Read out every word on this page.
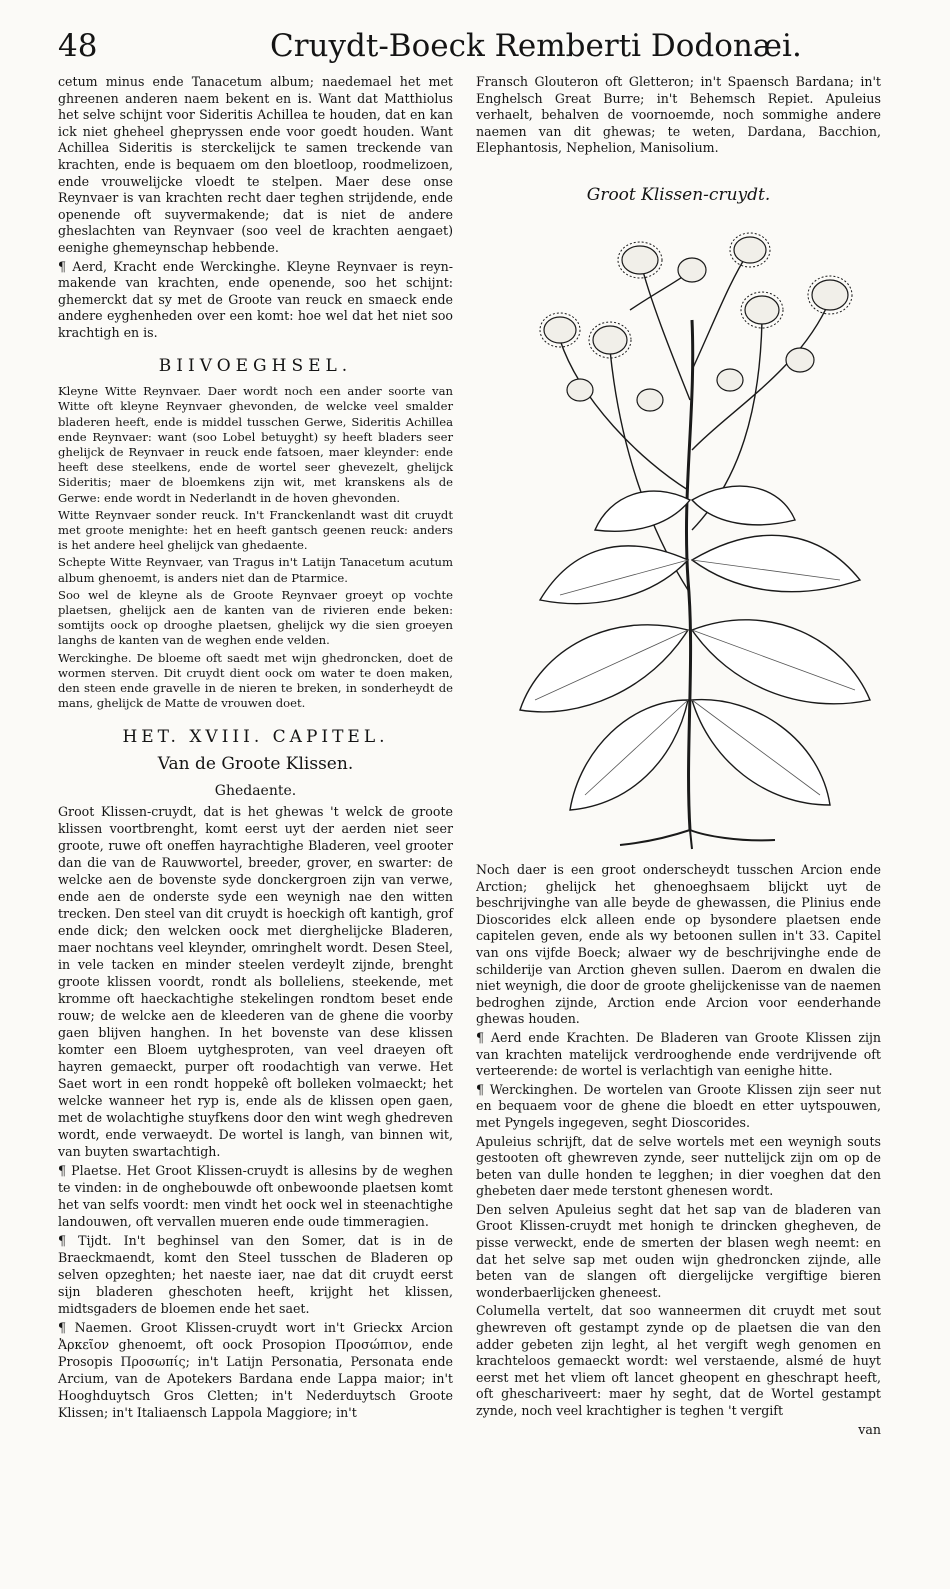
48	Cruydt-Boeck Remberti Dodonæi.

cetum minus ende Tanacetum album; naedemael het met ghreenen anderen naem bekent en is. Want dat Matthiolus het selve schijnt voor Sideritis Achillea te houden, dat en kan ick niet gheheel ghepryssen ende voor goedt houden. Want Achillea Sideritis is sterckelijck te samen treckende van krachten, ende is bequaem om den bloetloop, roodmelizoen, ende vrouwelijcke vloedt te stelpen. Maer dese onse Reynvaer is van krachten recht daer teghen strijdende, ende openende oft suyvermakende; dat is niet de andere gheslachten van Reynvaer (soo veel de krachten aengaet) eenighe ghemeynschap hebbende.

¶ Aerd, Kracht ende Werckinghe. Kleyne Reynvaer is reyn-makende van krachten, ende openende, soo het schijnt: ghemerckt dat sy met de Groote van reuck en smaeck ende andere eyghenheden over een komt: hoe wel dat het niet soo krachtigh en is.

BIIVOEGHSEL.

Kleyne Witte Reynvaer. Daer wordt noch een ander soorte van Witte oft kleyne Reynvaer ghevonden, de welcke veel smalder bladeren heeft, ende is middel tusschen Gerwe, Sideritis Achillea ende Reynvaer: want (soo Lobel betuyght) sy heeft bladers seer ghelijck de Reynvaer in reuck ende fatsoen, maer kleynder: ende heeft dese steelkens, ende de wortel seer ghevezelt, ghelijck Sideritis; maer de bloemkens zijn wit, met kranskens als de Gerwe: ende wordt in Nederlandt in de hoven ghevonden.

Witte Reynvaer sonder reuck. In't Franckenlandt wast dit cruydt met groote menighte: het en heeft gantsch geenen reuck: anders is het andere heel ghelijck van ghedaente.

Schepte Witte Reynvaer, van Tragus in't Latijn Tanacetum acutum album ghenoemt, is anders niet dan de Ptarmice.

Soo wel de kleyne als de Groote Reynvaer groeyt op vochte plaetsen, ghelijck aen de kanten van de rivieren ende beken: somtijts oock op drooghe plaetsen, ghelijck wy die sien groeyen langhs de kanten van de weghen ende velden.

Werckinghe. De bloeme oft saedt met wijn ghedroncken, doet de wormen sterven. Dit cruydt dient oock om water te doen maken, den steen ende gravelle in de nieren te breken, in sonderheydt de mans, ghelijck de Matte de vrouwen doet.

HET. XVIII. CAPITEL.
Van de Groote Klissen.
Ghedaente.

Groot Klissen-cruydt, dat is het ghewas 't welck de groote klissen voortbrenght, komt eerst uyt der aerden niet seer groote, ruwe oft oneffen hayrachtighe Bladeren, veel grooter dan die van de Rauwwortel, breeder, grover, en swarter: de welcke aen de bovenste syde donckergroen zijn van verwe, ende aen de onderste syde een weynigh nae den witten trecken. Den steel van dit cruydt is hoeckigh oft kantigh, grof ende dick; den welcken oock met dierghelijcke Bladeren, maer nochtans veel kleynder, omringhelt wordt. Desen Steel, in vele tacken en minder steelen verdeylt zijnde, brenght groote klissen voordt, rondt als bolleliens, steekende, met kromme oft haeckachtighe stekelingen rondtom beset ende rouw; de welcke aen de kleederen van de ghene die voorby gaen blijven hanghen. In het bovenste van dese klissen komter een Bloem uytghesproten, van veel draeyen oft hayren gemaeckt, purper oft roodachtigh van verwe. Het Saet wort in een rondt hoppekê oft bolleken volmaeckt; het welcke wanneer het ryp is, ende als de klissen open gaen, met de wolachtighe stuyfkens door den wint wegh ghedreven wordt, ende verwaeydt. De wortel is langh, van binnen wit, van buyten swartachtigh.

¶ Plaetse. Het Groot Klissen-cruydt is allesins by de weghen te vinden: in de onghebouwde oft onbewoonde plaetsen komt het van selfs voordt: men vindt het oock wel in steenachtighe landouwen, oft vervallen mueren ende oude timmeragien.

¶ Tijdt. In't beghinsel van den Somer, dat is in de Braeckmaendt, komt den Steel tusschen de Bladeren op selven opzeghten; het naeste iaer, nae dat dit cruydt eerst sijn bladeren gheschoten heeft, krijght het klissen, midtsgaders de bloemen ende het saet.

¶ Naemen. Groot Klissen-cruydt wort in't Grieckx Arcion Ἀρκεῖον ghenoemt, oft oock Prosopion Προσώπιον, ende Prosopis Προσωπίς; in't Latijn Personatia, Personata ende Arcium, van de Apotekers Bardana ende Lappa maior; in't Hooghduytsch Gros Cletten; in't Nederduytsch Groote Klissen; in't Italiaensch Lappola Maggiore; in't

Fransch Glouteron oft Gletteron; in't Spaensch Bardana; in't Enghelsch Great Burre; in't Behemsch Repiet. Apuleius verhaelt, behalven de voornoemde, noch sommighe andere naemen van dit ghewas; te weten, Dardana, Bacchion, Elephantosis, Nephelion, Manisolium.

Groot Klissen-cruydt.

Noch daer is een groot onderscheydt tusschen Arcion ende Arction; ghelijck het ghenoeghsaem blijckt uyt de beschrijvinghe van alle beyde de ghewassen, die Plinius ende Dioscorides elck alleen ende op bysondere plaetsen ende capitelen geven, ende als wy betoonen sullen in't 33. Capitel van ons vijfde Boeck; alwaer wy de beschrijvinghe ende de schilderije van Arction gheven sullen. Daerom en dwalen die niet weynigh, die door de groote ghelijckenisse van de naemen bedroghen zijnde, Arction ende Arcion voor eenderhande ghewas houden.

¶ Aerd ende Krachten. De Bladeren van Groote Klissen zijn van krachten matelijck verdrooghende ende verdrijvende oft verteerende: de wortel is verlachtigh van eenighe hitte.

¶ Werckinghen. De wortelen van Groote Klissen zijn seer nut en bequaem voor de ghene die bloedt en etter uytspouwen, met Pyngels ingegeven, seght Dioscorides.

Apuleius schrijft, dat de selve wortels met een weynigh souts gestooten oft ghewreven zynde, seer nuttelijck zijn om op de beten van dulle honden te legghen; in dier voeghen dat den ghebeten daer mede terstont ghenesen wordt.

Den selven Apuleius seght dat het sap van de bladeren van Groot Klissen-cruydt met honigh te drincken ghegheven, de pisse verweckt, ende de smerten der blasen wegh neemt: en dat het selve sap met ouden wijn ghedroncken zijnde, alle beten van de slangen oft diergelijcke vergiftige bieren wonderbaerlijcken gheneest.

Columella vertelt, dat soo wanneermen dit cruydt met sout ghewreven oft gestampt zynde op de plaetsen die van den adder gebeten zijn leght, al het vergift wegh genomen en krachteloos gemaeckt wordt: wel verstaende, alsmé de huyt eerst met het vliem oft lancet gheopent en gheschrapt heeft, oft gheschariveert: maer hy seght, dat de Wortel gestampt zynde, noch veel krachtigher is teghen 't vergift

van
